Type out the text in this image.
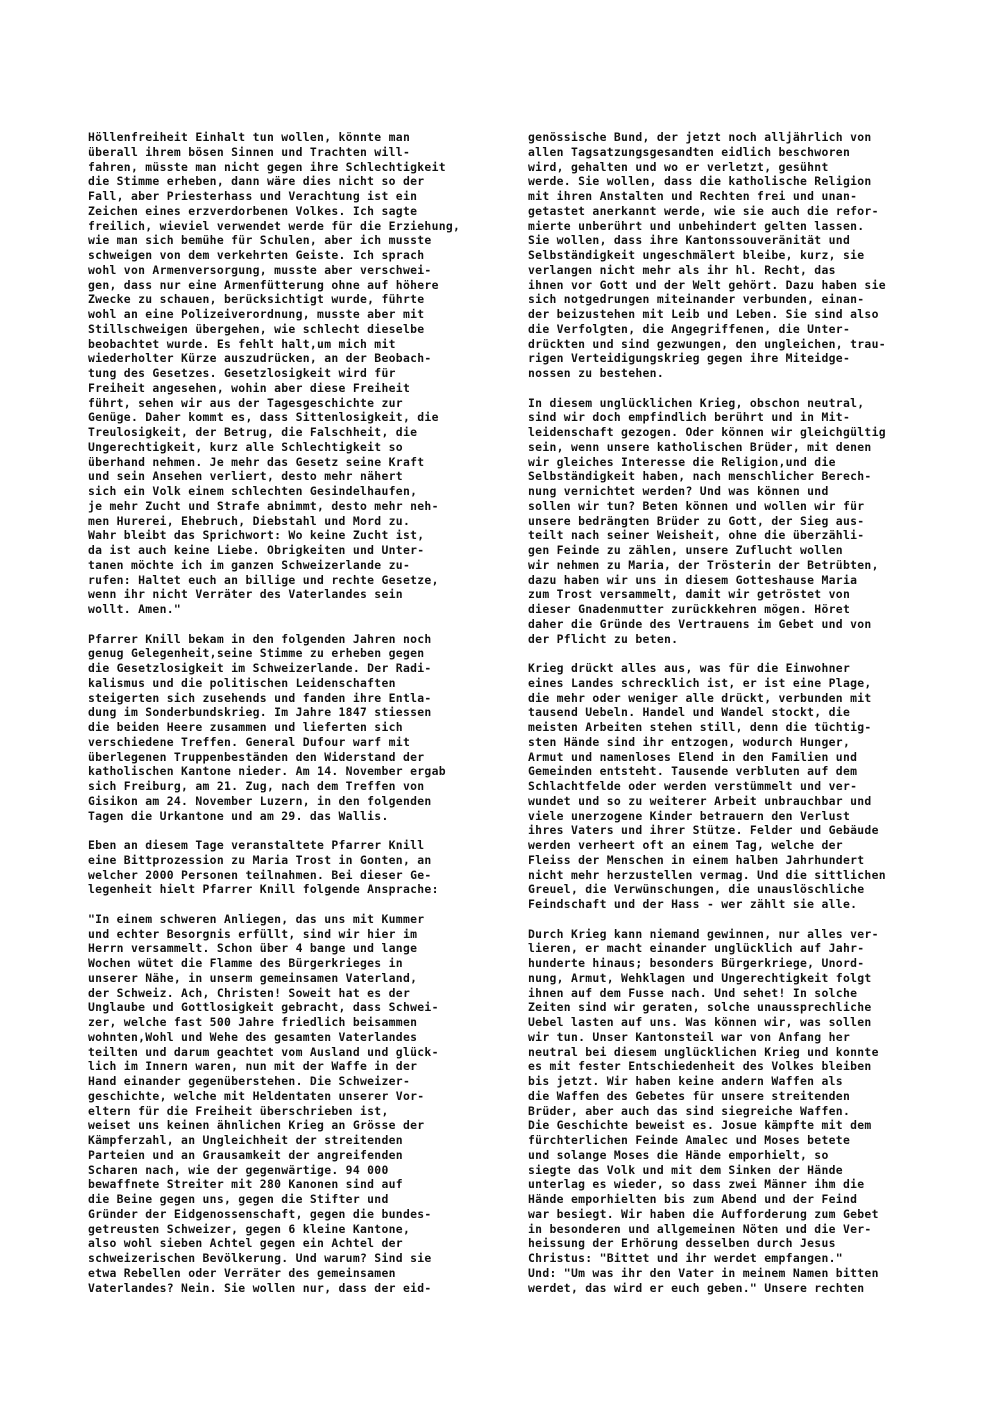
Höllenfreiheit Einhalt tun wollen, könnte man
überall ihrem bösen Sinnen und Trachten will-
fahren, müsste man nicht gegen ihre Schlechtigkeit
die Stimme erheben, dann wäre dies nicht so der
Fall, aber Priesterhass und Verachtung ist ein
Zeichen eines erzverdorbenen Volkes. Ich sagte
freilich, wieviel verwendet werde für die Erziehung,
wie man sich bemühe für Schulen, aber ich musste
schweigen von dem verkehrten Geiste. Ich sprach
wohl von Armenversorgung, musste aber verschwei-
gen, dass nur eine Armenfütterung ohne auf höhere
Zwecke zu schauen, berücksichtigt wurde, führte
wohl an eine Polizeiverordnung, musste aber mit
Stillschweigen übergehen, wie schlecht dieselbe
beobachtet wurde. Es fehlt halt,um mich mit
wiederholter Kürze auszudrücken, an der Beobach-
tung des Gesetzes. Gesetzlosigkeit wird für
Freiheit angesehen, wohin aber diese Freiheit
führt, sehen wir aus der Tagesgeschichte zur
Genüge. Daher kommt es, dass Sittenlosigkeit, die
Treulosigkeit, der Betrug, die Falschheit, die
Ungerechtigkeit, kurz alle Schlechtigkeit so
überhand nehmen. Je mehr das Gesetz seine Kraft
und sein Ansehen verliert, desto mehr nähert
sich ein Volk einem schlechten Gesindelhaufen,
je mehr Zucht und Strafe abnimmt, desto mehr neh-
men Hurerei, Ehebruch, Diebstahl und Mord zu.
Wahr bleibt das Sprichwort: Wo keine Zucht ist,
da ist auch keine Liebe. Obrigkeiten und Unter-
tanen möchte ich im ganzen Schweizerlande zu-
rufen: Haltet euch an billige und rechte Gesetze,
wenn ihr nicht Verräter des Vaterlandes sein
wollt. Amen."
Pfarrer Knill bekam in den folgenden Jahren noch
genug Gelegenheit,seine Stimme zu erheben gegen
die Gesetzlosigkeit im Schweizerlande. Der Radi-
kalismus und die politischen Leidenschaften
steigerten sich zusehends und fanden ihre Entla-
dung im Sonderbundskrieg. Im Jahre 1847 stiessen
die beiden Heere zusammen und lieferten sich
verschiedene Treffen. General Dufour warf mit
überlegenen Truppenbeständen den Widerstand der
katholischen Kantone nieder. Am 14. November ergab
sich Freiburg, am 21. Zug, nach dem Treffen von
Gisikon am 24. November Luzern, in den folgenden
Tagen die Urkantone und am 29. das Wallis.
Eben an diesem Tage veranstaltete Pfarrer Knill
eine Bittprozession zu Maria Trost in Gonten, an
welcher 2000 Personen teilnahmen. Bei dieser Ge-
legenheit hielt Pfarrer Knill folgende Ansprache:
"In einem schweren Anliegen, das uns mit Kummer
und echter Besorgnis erfüllt, sind wir hier im
Herrn versammelt. Schon über 4 bange und lange
Wochen wütet die Flamme des Bürgerkrieges in
unserer Nähe, in unserm gemeinsamen Vaterland,
der Schweiz. Ach, Christen! Soweit hat es der
Unglaube und Gottlosigkeit gebracht, dass Schwei-
zer, welche fast 500 Jahre friedlich beisammen
wohnten,Wohl und Wehe des gesamten Vaterlandes
teilten und darum geachtet vom Ausland und glück-
lich im Innern waren, nun mit der Waffe in der
Hand einander gegenüberstehen. Die Schweizer-
geschichte, welche mit Heldentaten unserer Vor-
eltern für die Freiheit überschrieben ist,
weiset uns keinen ähnlichen Krieg an Grösse der
Kämpferzahl, an Ungleichheit der streitenden
Parteien und an Grausamkeit der angreifenden
Scharen nach, wie der gegenwärtige. 94 000
bewaffnete Streiter mit 280 Kanonen sind auf
die Beine gegen uns, gegen die Stifter und
Gründer der Eidgenossenschaft, gegen die bundes-
getreusten Schweizer, gegen 6 kleine Kantone,
also wohl sieben Achtel gegen ein Achtel der
schweizerischen Bevölkerung. Und warum? Sind sie
etwa Rebellen oder Verräter des gemeinsamen
Vaterlandes? Nein. Sie wollen nur, dass der eid-
genössische Bund, der jetzt noch alljährlich von
allen Tagsatzungsgesandten eidlich beschworen
wird, gehalten und wo er verletzt, gesühnt
werde. Sie wollen, dass die katholische Religion
mit ihren Anstalten und Rechten frei und unan-
getastet anerkannt werde, wie sie auch die refor-
mierte unberührt und unbehindert gelten lassen.
Sie wollen, dass ihre Kantonssouveränität und
Selbständigkeit ungeschmälert bleibe, kurz, sie
verlangen nicht mehr als ihr hl. Recht, das
ihnen vor Gott und der Welt gehört. Dazu haben sie
sich notgedrungen miteinander verbunden, einan-
der beizustehen mit Leib und Leben. Sie sind also
die Verfolgten, die Angegriffenen, die Unter-
drückten und sind gezwungen, den ungleichen, trau-
rigen Verteidigungskrieg gegen ihre Miteidge-
nossen zu bestehen.
In diesem unglücklichen Krieg, obschon neutral,
sind wir doch empfindlich berührt und in Mit-
leidenschaft gezogen. Oder können wir gleichgültig
sein, wenn unsere katholischen Brüder, mit denen
wir gleiches Interesse die Religion,und die
Selbständigkeit haben, nach menschlicher Berech-
nung vernichtet werden? Und was können und
sollen wir tun? Beten können und wollen wir für
unsere bedrängten Brüder zu Gott, der Sieg aus-
teilt nach seiner Weisheit, ohne die überzähli-
gen Feinde zu zählen, unsere Zuflucht wollen
wir nehmen zu Maria, der Trösterin der Betrübten,
dazu haben wir uns in diesem Gotteshause Maria
zum Trost versammelt, damit wir getröstet von
dieser Gnadenmutter zurückkehren mögen. Höret
daher die Gründe des Vertrauens im Gebet und von
der Pflicht zu beten.
Krieg drückt alles aus, was für die Einwohner
eines Landes schrecklich ist, er ist eine Plage,
die mehr oder weniger alle drückt, verbunden mit
tausend Uebeln. Handel und Wandel stockt, die
meisten Arbeiten stehen still, denn die tüchtig-
sten Hände sind ihr entzogen, wodurch Hunger,
Armut und namenloses Elend in den Familien und
Gemeinden entsteht. Tausende verbluten auf dem
Schlachtfelde oder werden verstümmelt und ver-
wundet und so zu weiterer Arbeit unbrauchbar und
viele unerzogene Kinder betrauern den Verlust
ihres Vaters und ihrer Stütze. Felder und Gebäude
werden verheert oft an einem Tag, welche der
Fleiss der Menschen in einem halben Jahrhundert
nicht mehr herzustellen vermag. Und die sittlichen
Greuel, die Verwünschungen, die unauslöschliche
Feindschaft und der Hass - wer zählt sie alle.
Durch Krieg kann niemand gewinnen, nur alles ver-
lieren, er macht einander unglücklich auf Jahr-
hunderte hinaus; besonders Bürgerkriege, Unord-
nung, Armut, Wehklagen und Ungerechtigkeit folgt
ihnen auf dem Fusse nach. Und sehet! In solche
Zeiten sind wir geraten, solche unaussprechliche
Uebel lasten auf uns. Was können wir, was sollen
wir tun. Unser Kantonsteil war von Anfang her
neutral bei diesem unglücklichen Krieg und konnte
es mit fester Entschiedenheit des Volkes bleiben
bis jetzt. Wir haben keine andern Waffen als
die Waffen des Gebetes für unsere streitenden
Brüder, aber auch das sind siegreiche Waffen.
Die Geschichte beweist es. Josue kämpfte mit dem
fürchterlichen Feinde Amalec und Moses betete
und solange Moses die Hände emporhielt, so
siegte das Volk und mit dem Sinken der Hände
unterlag es wieder, so dass zwei Männer ihm die
Hände emporhielten bis zum Abend und der Feind
war besiegt. Wir haben die Aufforderung zum Gebet
in besonderen und allgemeinen Nöten und die Ver-
heissung der Erhörung desselben durch Jesus
Christus: "Bittet und ihr werdet empfangen."
Und: "Um was ihr den Vater in meinem Namen bitten
werdet, das wird er euch geben." Unsere rechten
